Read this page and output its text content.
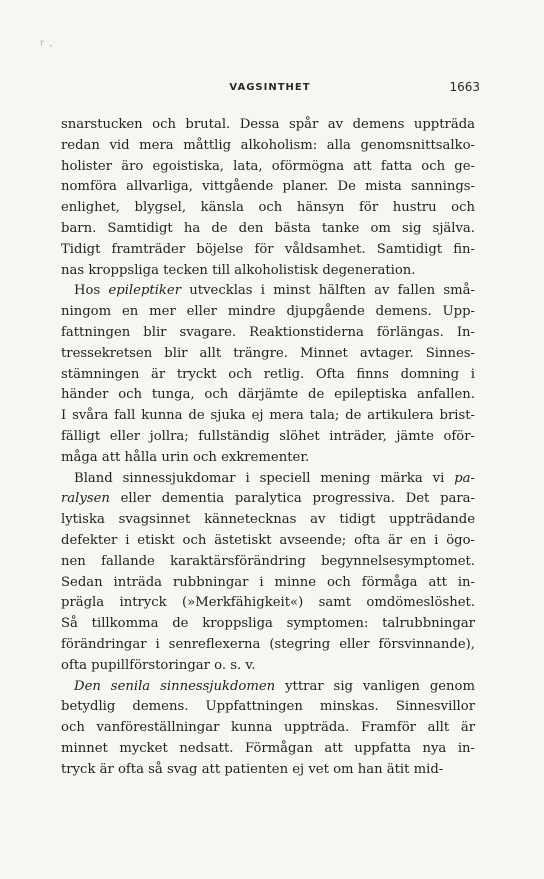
r ,
VAGSINTHET	1663
snarstucken och brutal. Dessa spår av demens uppträda
redan vid mera måttlig alkoholism: alla genomsnittsalko-
holister äro egoistiska, lata, oförmögna att fatta och ge-
nomföra allvarliga, vittgående planer. De mista sannings-
enlighet, blygsel, känsla och hänsyn för hustru och
barn. Samtidigt ha de den bästa tanke om sig själva.
Tidigt framträder böjelse för våldsamhet. Samtidigt fin-
nas kroppsliga tecken till alkoholistisk degeneration.
Hos epileptiker utvecklas i minst hälften av fallen små-
ningom en mer eller mindre djupgående demens. Upp-
fattningen blir svagare. Reaktionstiderna förlängas. In-
tressekretsen blir allt trängre. Minnet avtager. Sinnes-
stämningen är tryckt och retlig. Ofta finns domning i
händer och tunga, och därjämte de epileptiska anfallen.
I svåra fall kunna de sjuka ej mera tala; de artikulera brist-
fälligt eller jollra; fullständig slöhet inträder, jämte oför-
måga att hålla urin och exkrementer.
Bland sinnessjukdomar i speciell mening märka vi pa-
ralysen eller dementia paralytica progressiva. Det para-
lytiska svagsinnet kännetecknas av tidigt uppträdande
defekter i etiskt och ästetiskt avseende; ofta är en i ögo-
nen fallande karaktärsförändring begynnelsesymptomet.
Sedan inträda rubbningar i minne och förmåga att in-
prägla intryck (»Merkfähigkeit«) samt omdömeslöshet.
Så tillkomma de kroppsliga symptomen: talrubbningar
förändringar i senreflexerna (stegring eller försvinnande),
ofta pupillförstoringar o. s. v.
Den senila sinnessjukdomen yttrar sig vanligen genom
betydlig demens. Uppfattningen minskas. Sinnesvillor
och vanföreställningar kunna uppträda. Framför allt är
minnet mycket nedsatt. Förmågan att uppfatta nya in-
tryck är ofta så svag att patienten ej vet om han ätit mid-
